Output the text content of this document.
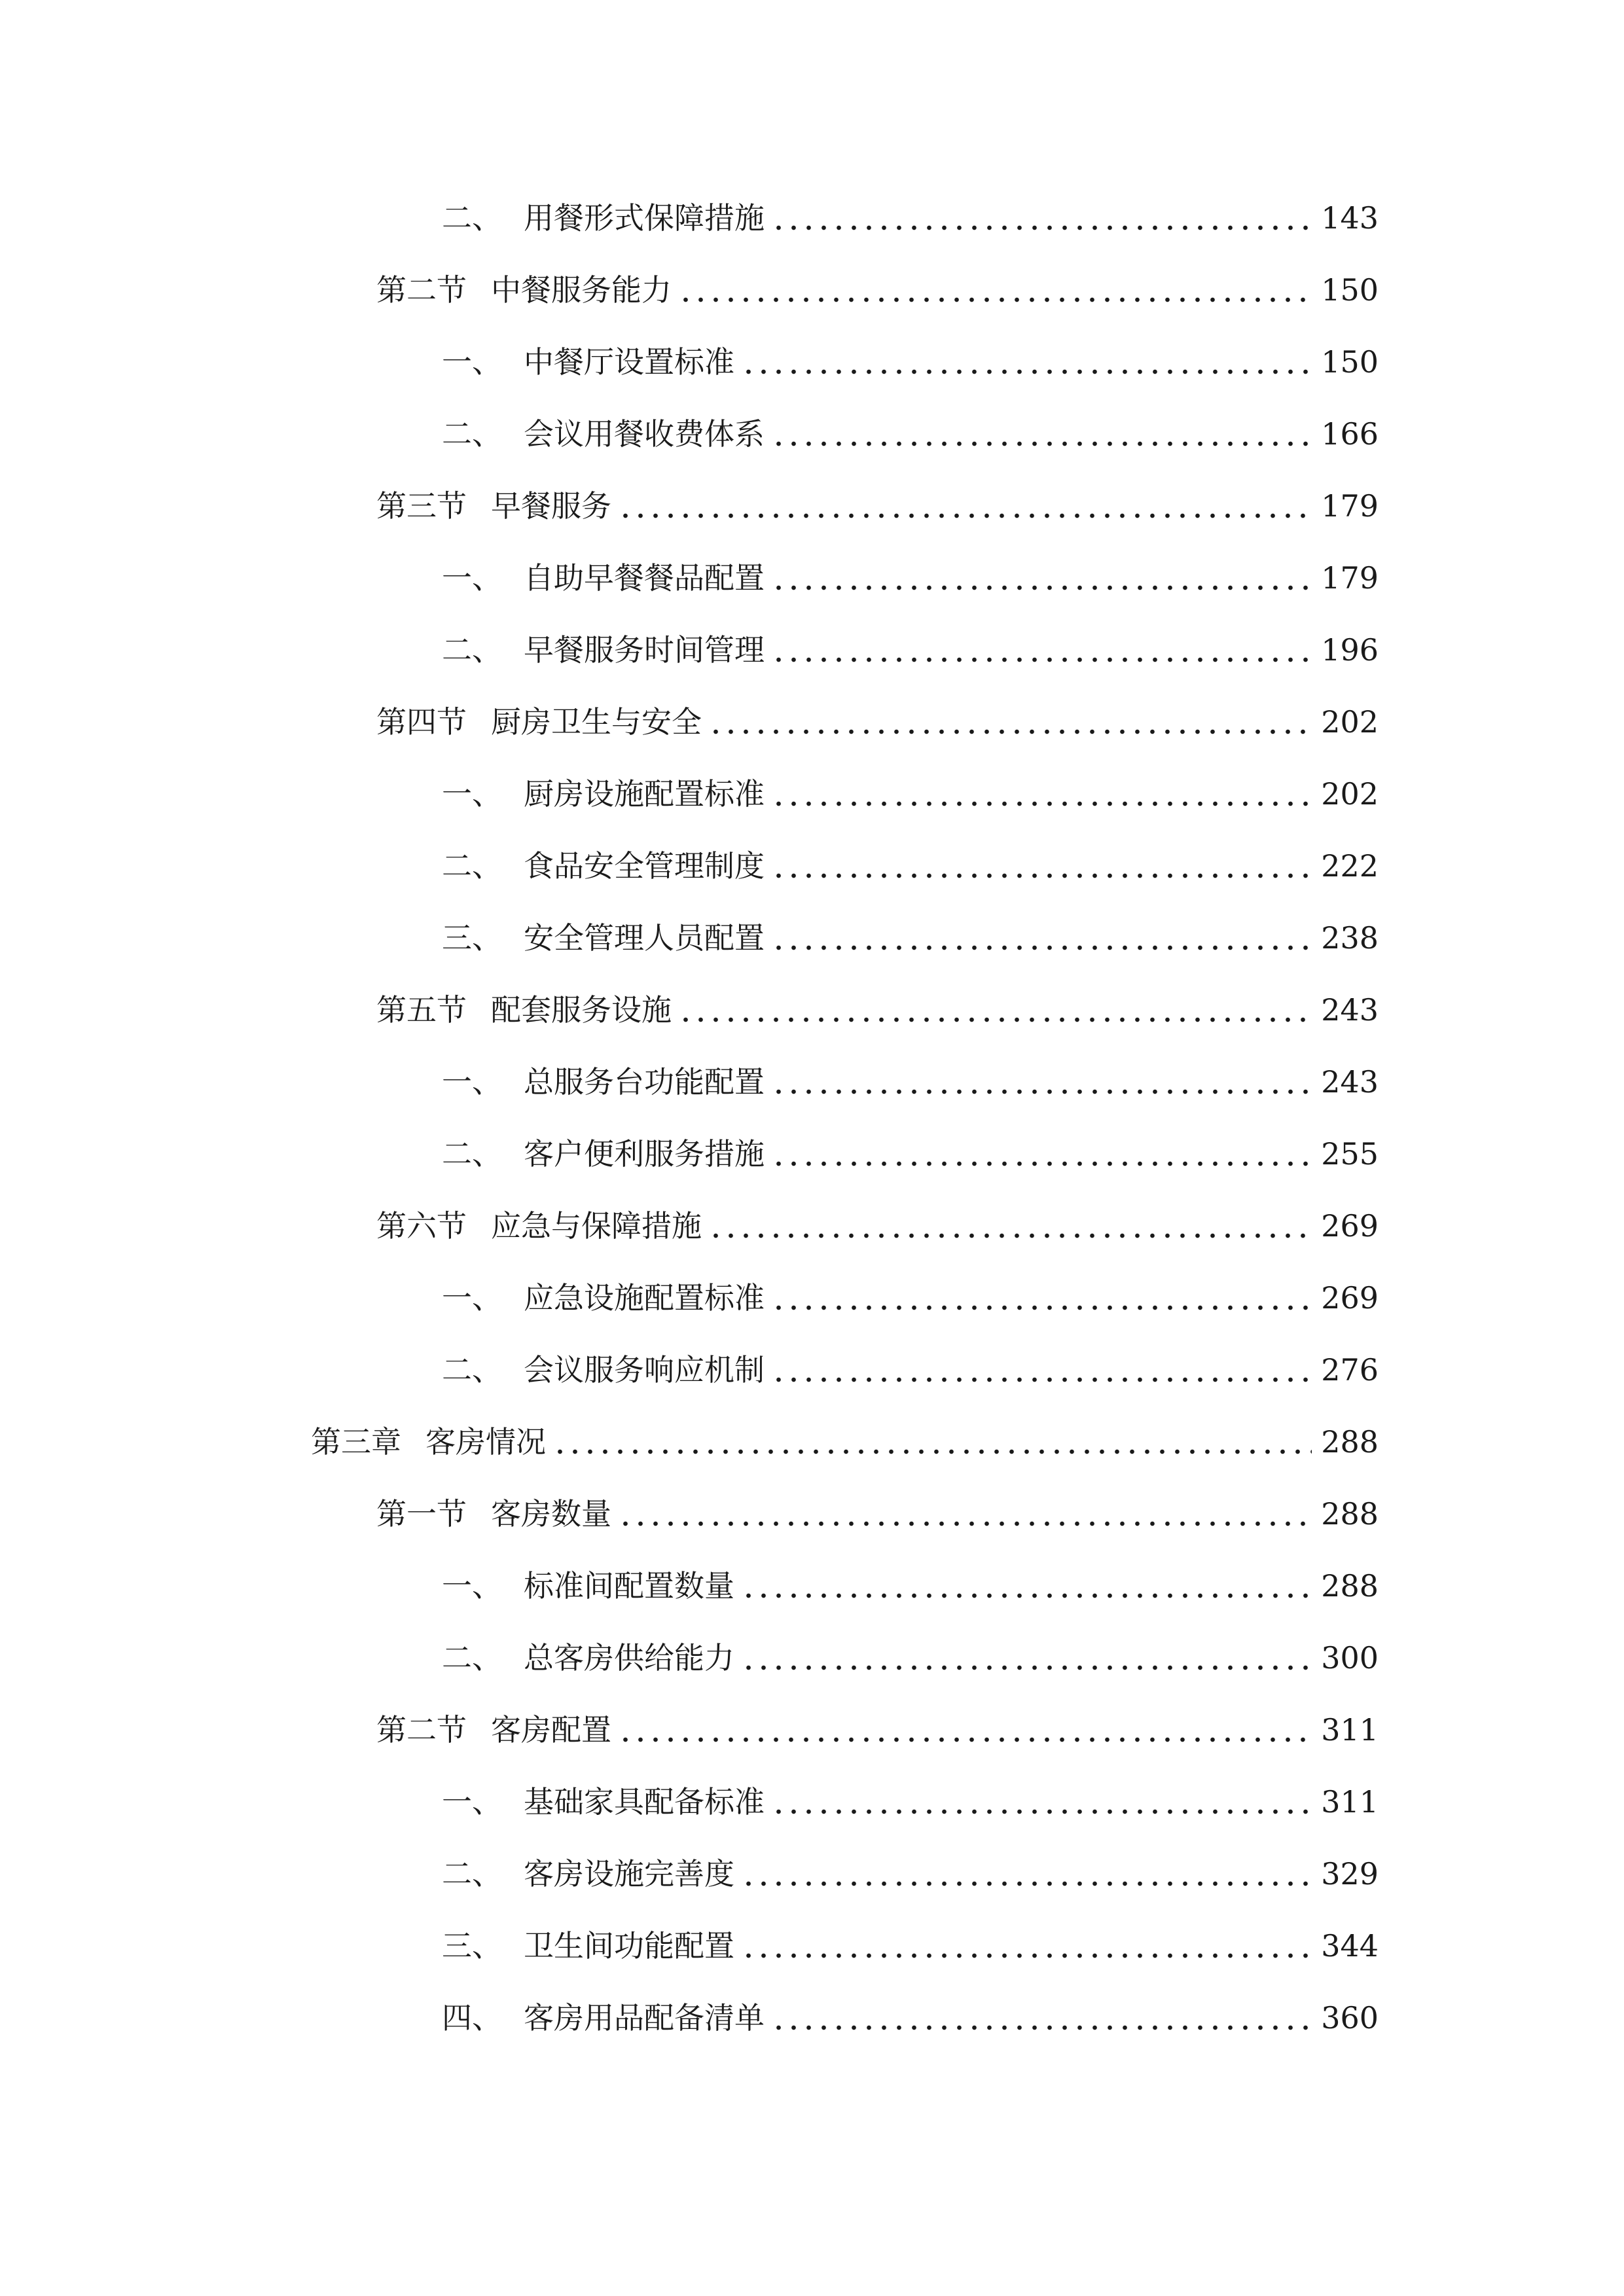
二、 用餐形式保障措施	143
第二节 中餐服务能力	150
一、 中餐厅设置标准	150
二、 会议用餐收费体系	166
第三节 早餐服务	179
一、 自助早餐餐品配置	179
二、 早餐服务时间管理	196
第四节 厨房卫生与安全	202
一、 厨房设施配置标准	202
二、 食品安全管理制度	222
三、 安全管理人员配置	238
第五节 配套服务设施	243
一、 总服务台功能配置	243
二、 客户便利服务措施	255
第六节 应急与保障措施	269
一、 应急设施配置标准	269
二、 会议服务响应机制	276
第三章 客房情况	288
第一节 客房数量	288
一、 标准间配置数量	288
二、 总客房供给能力	300
第二节 客房配置	311
一、 基础家具配备标准	311
二、 客房设施完善度	329
三、 卫生间功能配置	344
四、 客房用品配备清单	360
